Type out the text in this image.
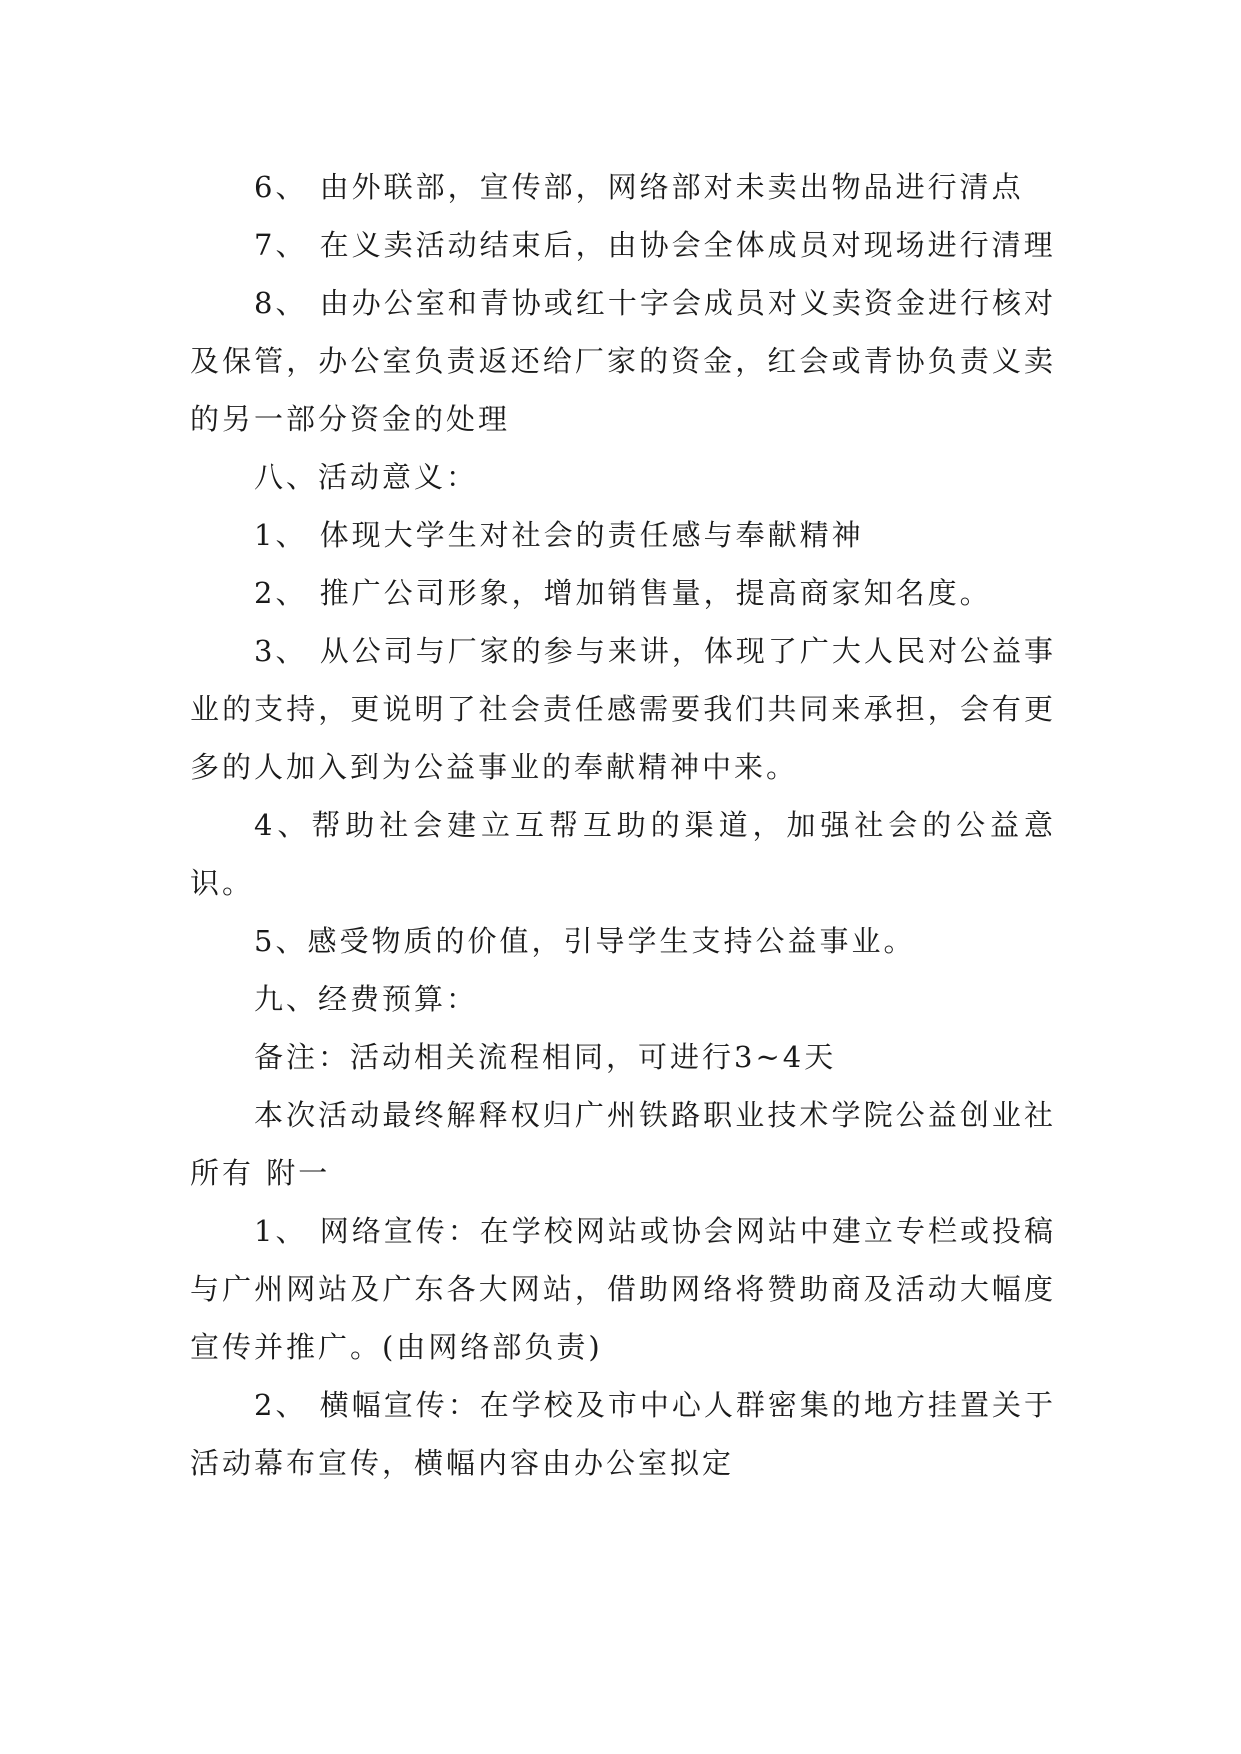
6、 由外联部，宣传部，网络部对未卖出物品进行清点

7、 在义卖活动结束后，由协会全体成员对现场进行清理

8、 由办公室和青协或红十字会成员对义卖资金进行核对及保管，办公室负责返还给厂家的资金，红会或青协负责义卖的另一部分资金的处理

八、活动意义：

1、 体现大学生对社会的责任感与奉献精神

2、 推广公司形象，增加销售量，提高商家知名度。

3、 从公司与厂家的参与来讲，体现了广大人民对公益事业的支持，更说明了社会责任感需要我们共同来承担，会有更多的人加入到为公益事业的奉献精神中来。

4、帮助社会建立互帮互助的渠道，加强社会的公益意识。

5、感受物质的价值，引导学生支持公益事业。

九、经费预算：

备注：活动相关流程相同，可进行3~4天

本次活动最终解释权归广州铁路职业技术学院公益创业社所有 附一

1、 网络宣传：在学校网站或协会网站中建立专栏或投稿与广州网站及广东各大网站，借助网络将赞助商及活动大幅度宣传并推广。(由网络部负责)

2、 横幅宣传：在学校及市中心人群密集的地方挂置关于活动幕布宣传，横幅内容由办公室拟定
